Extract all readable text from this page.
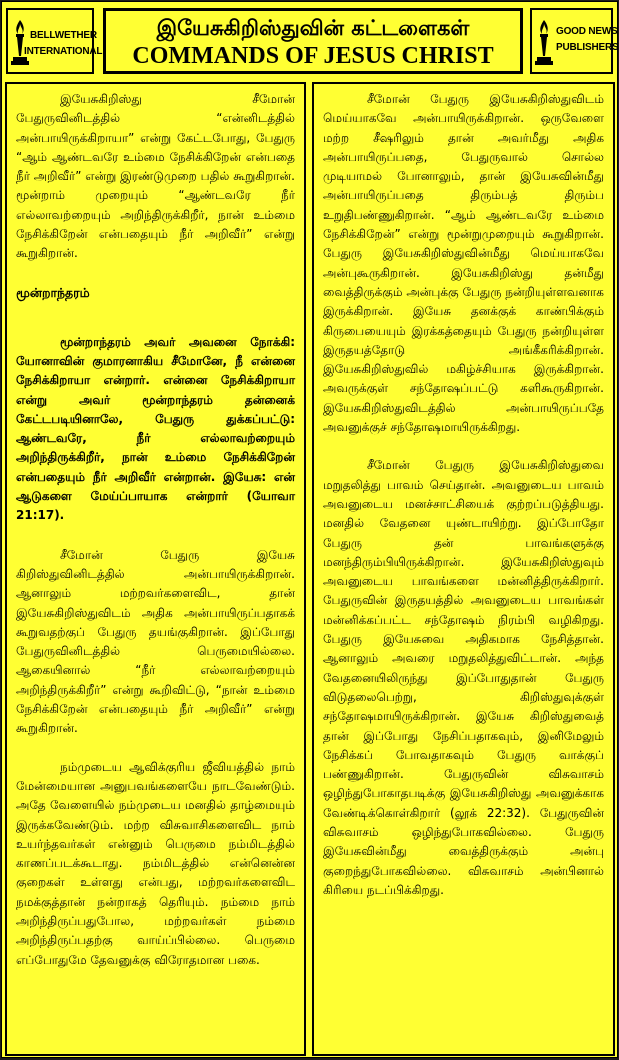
BELLWETHER
INTERNATIONAL
இயேசுகிறிஸ்துவின் கட்டளைகள்
COMMANDS OF JESUS CHRIST
GOOD NEWS
PUBLISHERS

இயேசுகிறிஸ்து சீமோன் பேதுருவினிடத்தில் “என்னிடத்தில் அன்பாயிருக்கிறாயா” என்று கேட்டபோது, பேதுரு “ஆம் ஆண்டவரே உம்மை நேசிக்கிறேன் என்பதை நீர் அறிவீர்” என்று இரண்டுமுறை பதில் கூறுகிறான். மூன்றாம் முறையும் “ஆண்டவரே நீர் எல்லாவற்றையும் அறிந்திருக்கிறீர், நான் உம்மை நேசிக்கிறேன் என்பதையும் நீர் அறிவீர்” என்று கூறுகிறான்.

மூன்றாந்தரம்

மூன்றாந்தரம் அவர் அவனை நோக்கி: யோனாவின் குமாரனாகிய சீமோனே, நீ என்னை நேசிக்கிறாயா என்றார். என்னை நேசிக்கிறாயா என்று அவர் மூன்றாந்தரம் தன்னைக் கேட்டபடியினாலே, பேதுரு துக்கப்பட்டு: ஆண்டவரே, நீர் எல்லாவற்றையும் அறிந்திருக்கிறீர், நான் உம்மை நேசிக்கிறேன் என்பதையும் நீர் அறிவீர் என்றான். இயேசு: என் ஆடுகளை மேய்ப்பாயாக என்றார் (யோவா 21:17).

சீமோன் பேதுரு இயேசு கிறிஸ்துவினிடத்தில் அன்பாயிருக்கிறான். ஆனாலும் மற்றவர்களைவிட, தான் இயேசுகிறிஸ்துவிடம் அதிக அன்பாயிருப்பதாகக் கூறுவதற்குப் பேதுரு தயங்குகிறான். இப்போது பேதுருவினிடத்தில் பெருமையில்லை. ஆகையினால் “நீர் எல்லாவற்றையும் அறிந்திருக்கிறீர்” என்று கூறிவிட்டு, “நான் உம்மை நேசிக்கிறேன் என்பதையும் நீர் அறிவீர்” என்று கூறுகிறான்.

நம்முடைய ஆவிக்குரிய ஜீவியத்தில் நாம் மேன்மையான அனுபவங்களையே நாடவேண்டும். அதே வேளையில் நம்முடைய மனதில் தாழ்மையும் இருக்கவேண்டும். மற்ற விசுவாசிகளைவிட நாம் உயர்ந்தவர்கள் என்னும் பெருமை நம்மிடத்தில் காணப்படக்கூடாது. நம்மிடத்தில் என்னென்ன குறைகள் உள்ளது என்பது, மற்றவர்களைவிட நமக்குத்தான் நன்றாகத் தெரியும். நம்மை நாம் அறிந்திருப்பதுபோல, மற்றவர்கள் நம்மை அறிந்திருப்பதற்கு வாய்ப்பில்லை. பெருமை எப்போதுமே தேவனுக்கு விரோதமான பகை.

சீமோன் பேதுரு இயேசுகிறிஸ்துவிடம் மெய்யாகவே அன்பாயிருக்கிறான். ஒருவேளை மற்ற சீஷரிலும் தான் அவர்மீது அதிக அன்பாயிருப்பதை, பேதுருவால் சொல்ல முடியாமல் போனாலும், தான் இயேசுவின்மீது அன்பாயிருப்பதை திரும்பத் திரும்ப உறுதிபண்ணுகிறான். “ஆம் ஆண்டவரே உம்மை நேசிக்கிறேன்” என்று மூன்றுமுறையும் கூறுகிறான். பேதுரு இயேசுகிறிஸ்துவின்மீது மெய்யாகவே அன்புகூருகிறான். இயேசுகிறிஸ்து தன்மீது வைத்திருக்கும் அன்புக்கு பேதுரு நன்றியுள்ளவனாக இருக்கிறான். இயேசு தனக்குக் காண்பிக்கும் கிருபையையும் இரக்கத்தையும் பேதுரு நன்றியுள்ள இருதயத்தோடு அங்கீகரிக்கிறான். இயேசுகிறிஸ்துவில் மகிழ்ச்சியாக இருக்கிறான். அவருக்குள் சந்தோஷப்பட்டு களிகூருகிறான். இயேசுகிறிஸ்துவிடத்தில் அன்பாயிருப்பதே அவனுக்குச் சந்தோஷமாயிருக்கிறது.

சீமோன் பேதுரு இயேசுகிறிஸ்துவை மறுதலித்து பாவம் செய்தான். அவனுடைய பாவம் அவனுடைய மனச்சாட்சியைக் குற்றப்படுத்தியது. மனதில் வேதனை யுண்டாயிற்று. இப்போதோ பேதுரு தன் பாவங்களுக்கு மனந்திரும்பியிருக்கிறான். இயேசுகிறிஸ்துவும் அவனுடைய பாவங்களை மன்னித்திருக்கிறார். பேதுருவின் இருதயத்தில் அவனுடைய பாவங்கள் மன்னிக்கப்பட்ட சந்தோஷம் நிரம்பி வழிகிறது. பேதுரு இயேசுவை அதிகமாக நேசித்தான். ஆனாலும் அவரை மறுதலித்துவிட்டான். அந்த வேதனையிலிருந்து இப்போதுதான் பேதுரு விடுதலைபெற்று, கிறிஸ்துவுக்குள் சந்தோஷமாயிருக்கிறான். இயேசு கிறிஸ்துவைத் தான் இப்போது நேசிப்பதாகவும், இனிமேலும் நேசிக்கப் போவதாகவும் பேதுரு வாக்குப் பண்ணுகிறான். பேதுருவின் விசுவாசம் ஒழிந்துபோகாதபடிக்கு இயேசுகிறிஸ்து அவனுக்காக வேண்டிக்கொள்கிறார் (லூக் 22:32). பேதுருவின் விசுவாசம் ஒழிந்துபோகவில்லை. பேதுரு இயேசுவின்மீது வைத்திருக்கும் அன்பு குறைந்துபோகவில்லை. விசுவாசம் அன்பினால் கிரியை நடப்பிக்கிறது.
